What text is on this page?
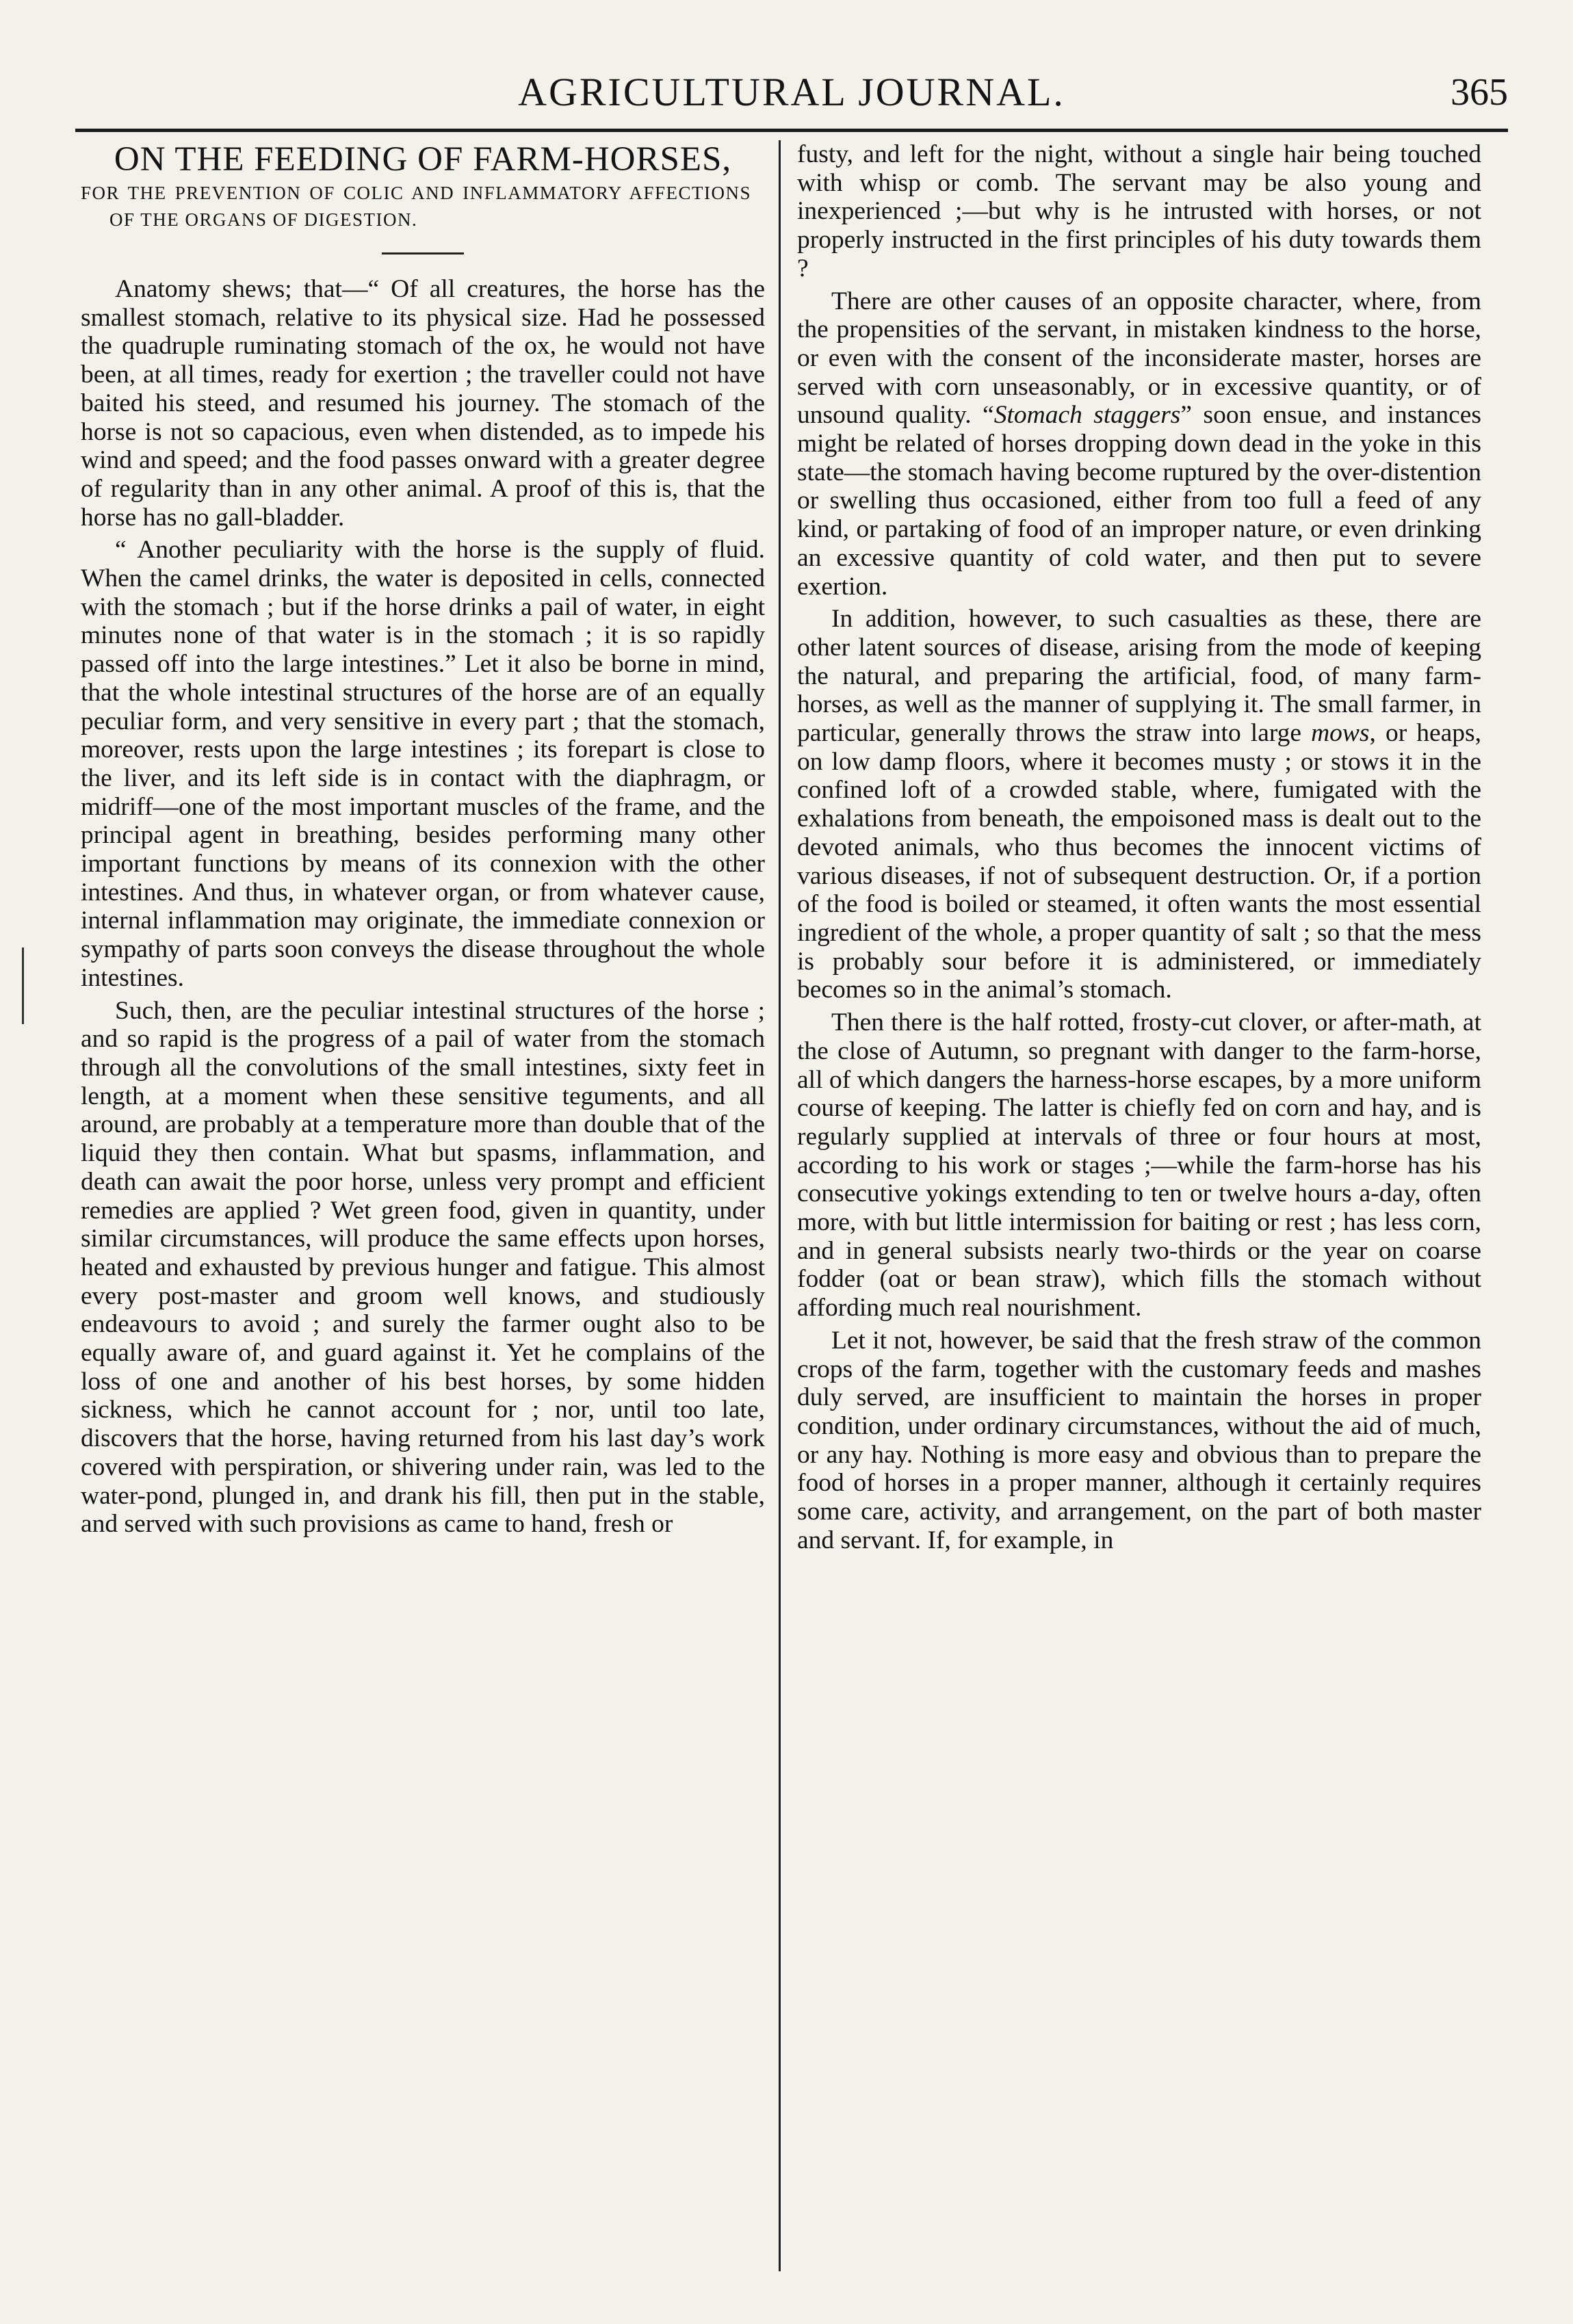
AGRICULTURAL JOURNAL.	365
ON THE FEEDING OF FARM-HORSES,
FOR THE PREVENTION OF COLIC AND INFLAMMATORY AFFECTIONS OF THE ORGANS OF DIGESTION.

Anatomy shews; that—“ Of all creatures, the horse has the smallest stomach, relative to its physical size. Had he possessed the quadruple ruminating stomach of the ox, he would not have been, at all times, ready for exertion ; the traveller could not have baited his steed, and resumed his journey. The stomach of the horse is not so capacious, even when distended, as to impede his wind and speed; and the food passes onward with a greater degree of regularity than in any other animal. A proof of this is, that the horse has no gall-bladder.

“ Another peculiarity with the horse is the supply of fluid. When the camel drinks, the water is deposited in cells, connected with the stomach ; but if the horse drinks a pail of water, in eight minutes none of that water is in the stomach ; it is so rapidly passed off into the large intestines.” Let it also be borne in mind, that the whole intestinal structures of the horse are of an equally peculiar form, and very sensitive in every part ; that the stomach, moreover, rests upon the large intestines ; its forepart is close to the liver, and its left side is in contact with the diaphragm, or midriff—one of the most important muscles of the frame, and the principal agent in breathing, besides performing many other important functions by means of its connexion with the other intestines. And thus, in whatever organ, or from whatever cause, internal inflammation may originate, the immediate connexion or sympathy of parts soon conveys the disease throughout the whole intestines.

Such, then, are the peculiar intestinal structures of the horse ; and so rapid is the progress of a pail of water from the stomach through all the convolutions of the small intestines, sixty feet in length, at a moment when these sensitive teguments, and all around, are probably at a temperature more than double that of the liquid they then contain. What but spasms, inflammation, and death can await the poor horse, unless very prompt and efficient remedies are applied ? Wet green food, given in quantity, under similar circumstances, will produce the same effects upon horses, heated and exhausted by previous hunger and fatigue. This almost every post-master and groom well knows, and studiously endeavours to avoid ; and surely the farmer ought also to be equally aware of, and guard against it. Yet he complains of the loss of one and another of his best horses, by some hidden sickness, which he cannot account for ; nor, until too late, discovers that the horse, having returned from his last day’s work covered with perspiration, or shivering under rain, was led to the water-pond, plunged in, and drank his fill, then put in the stable, and served with such provisions as came to hand, fresh or

fusty, and left for the night, without a single hair being touched with whisp or comb. The servant may be also young and inexperienced ;—but why is he intrusted with horses, or not properly instructed in the first principles of his duty towards them ?

There are other causes of an opposite character, where, from the propensities of the servant, in mistaken kindness to the horse, or even with the consent of the inconsiderate master, horses are served with corn unseasonably, or in excessive quantity, or of unsound quality. “Stomach staggers” soon ensue, and instances might be related of horses dropping down dead in the yoke in this state—the stomach having become ruptured by the over-distention or swelling thus occasioned, either from too full a feed of any kind, or partaking of food of an improper nature, or even drinking an excessive quantity of cold water, and then put to severe exertion.

In addition, however, to such casualties as these, there are other latent sources of disease, arising from the mode of keeping the natural, and preparing the artificial, food, of many farm-horses, as well as the manner of supplying it. The small farmer, in particular, generally throws the straw into large mows, or heaps, on low damp floors, where it becomes musty ; or stows it in the confined loft of a crowded stable, where, fumigated with the exhalations from beneath, the empoisoned mass is dealt out to the devoted animals, who thus becomes the innocent victims of various diseases, if not of subsequent destruction. Or, if a portion of the food is boiled or steamed, it often wants the most essential ingredient of the whole, a proper quantity of salt ; so that the mess is probably sour before it is administered, or immediately becomes so in the animal’s stomach.

Then there is the half rotted, frosty-cut clover, or after-math, at the close of Autumn, so pregnant with danger to the farm-horse, all of which dangers the harness-horse escapes, by a more uniform course of keeping. The latter is chiefly fed on corn and hay, and is regularly supplied at intervals of three or four hours at most, according to his work or stages ;—while the farm-horse has his consecutive yokings extending to ten or twelve hours a-day, often more, with but little intermission for baiting or rest ; has less corn, and in general subsists nearly two-thirds or the year on coarse fodder (oat or bean straw), which fills the stomach without affording much real nourishment.

Let it not, however, be said that the fresh straw of the common crops of the farm, together with the customary feeds and mashes duly served, are insufficient to maintain the horses in proper condition, under ordinary circumstances, without the aid of much, or any hay. Nothing is more easy and obvious than to prepare the food of horses in a proper manner, although it certainly requires some care, activity, and arrangement, on the part of both master and servant. If, for example, in
